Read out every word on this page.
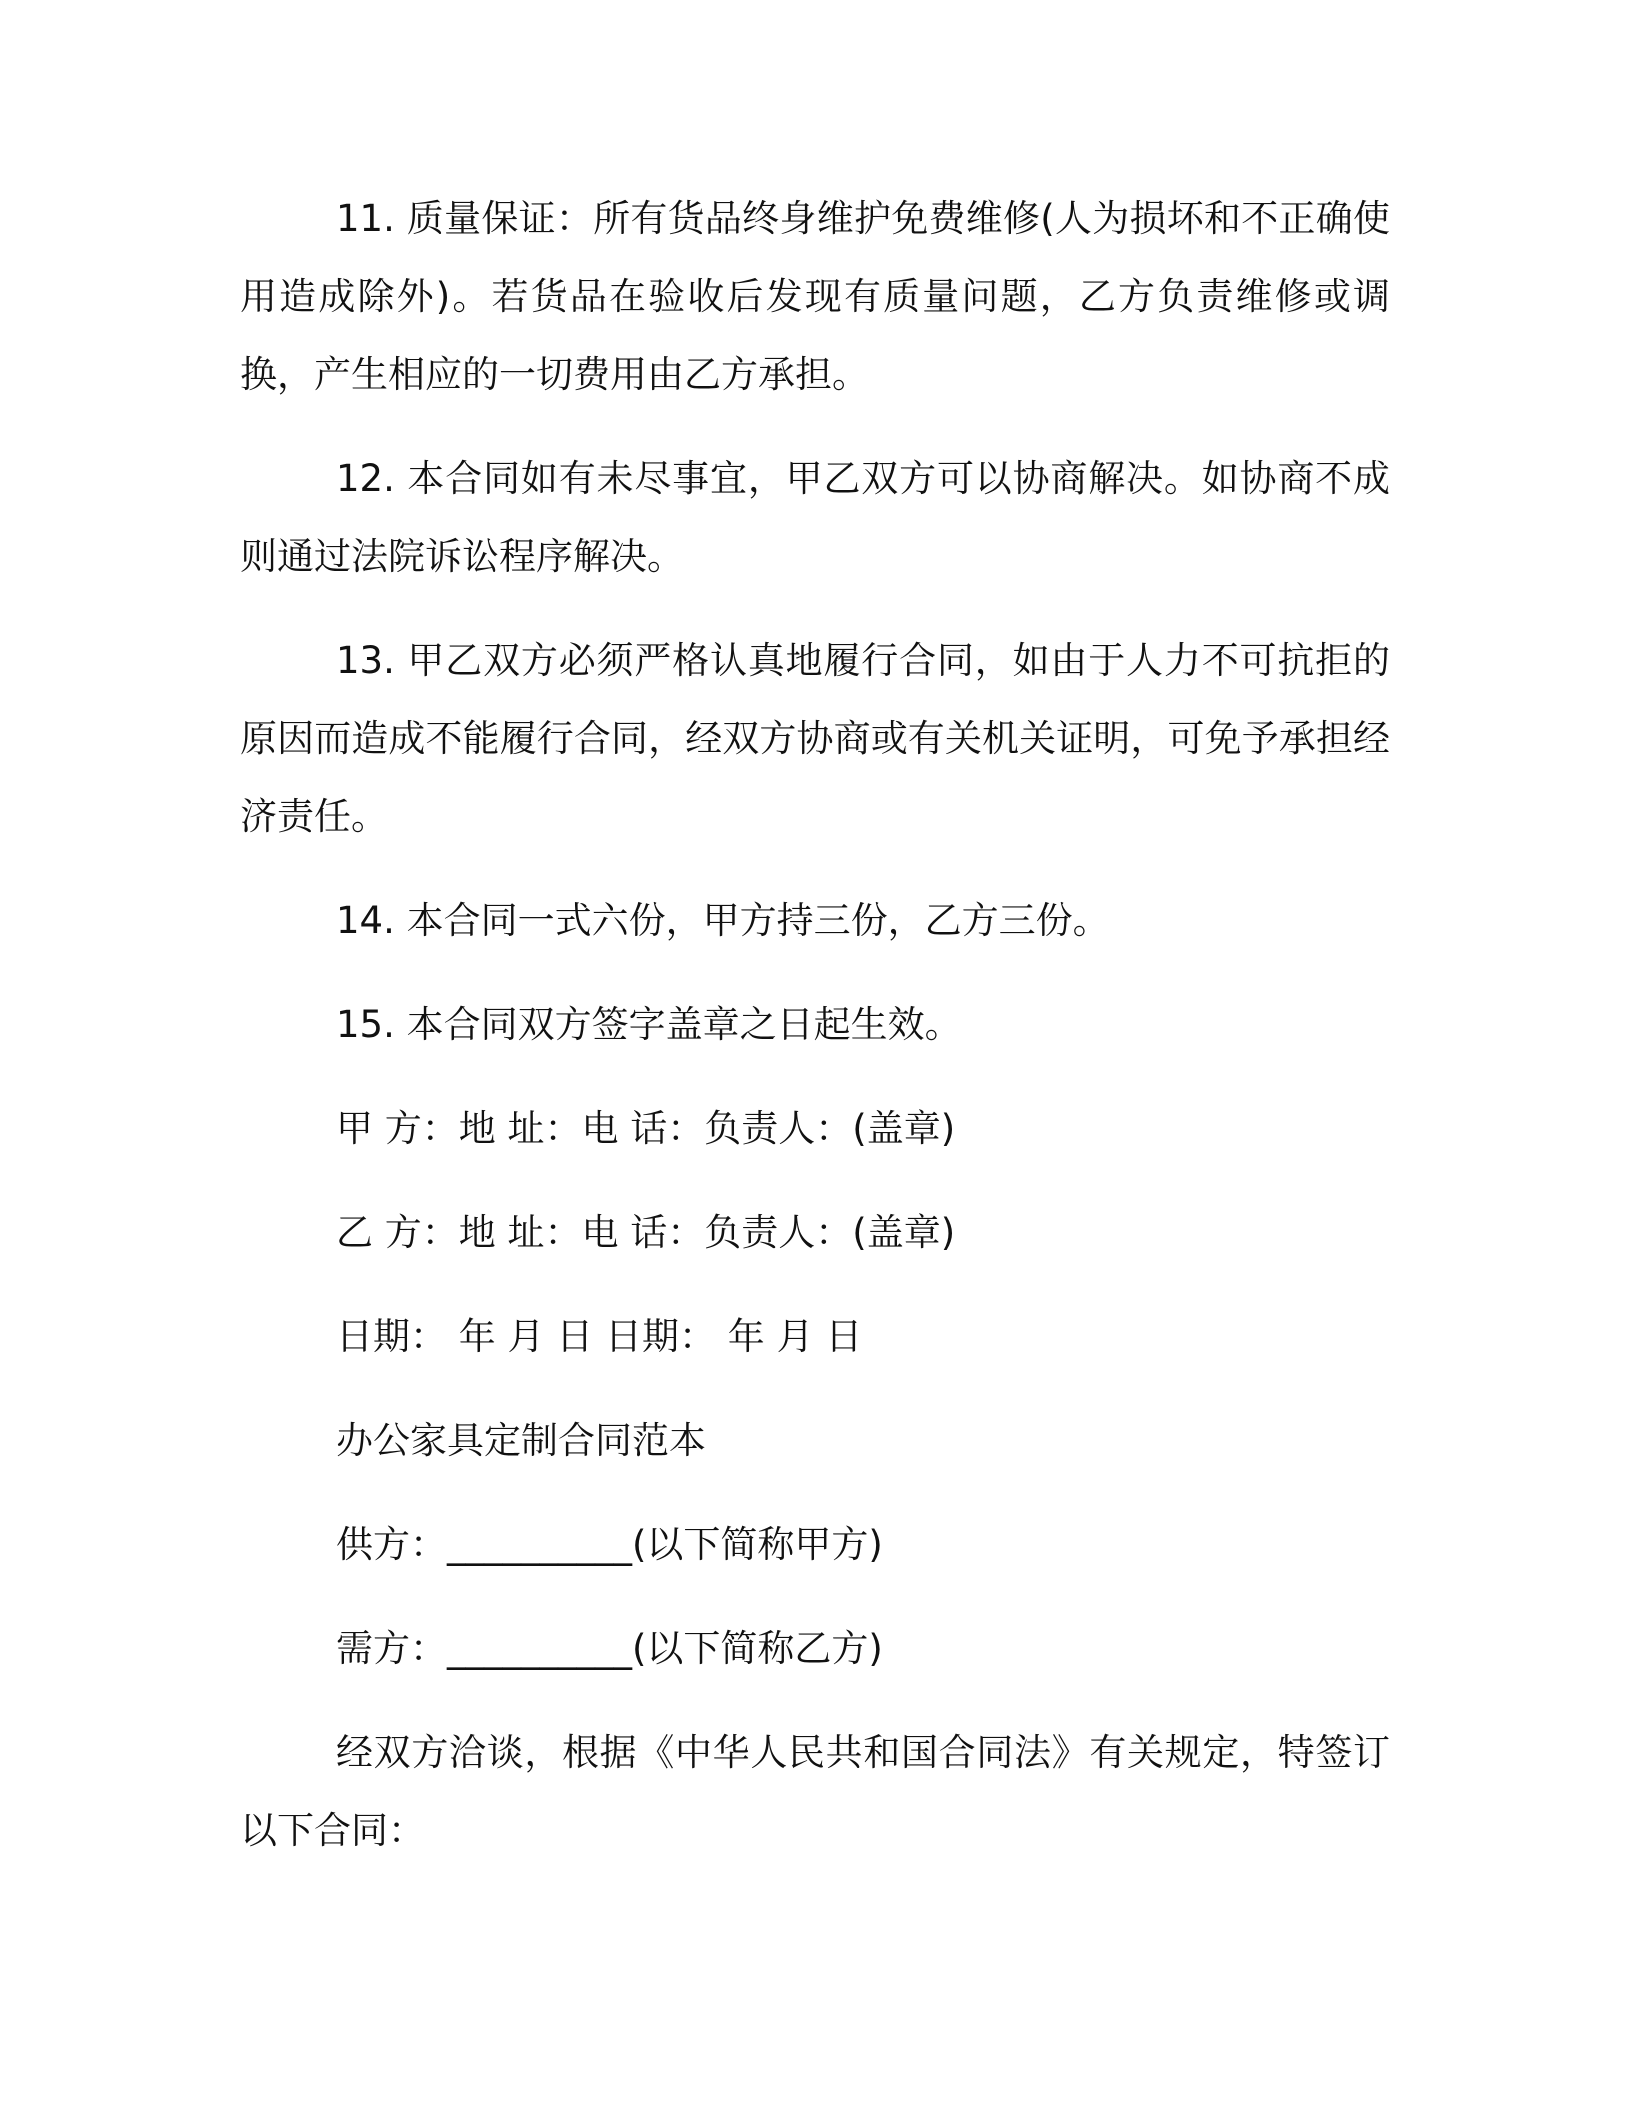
11. 质量保证：所有货品终身维护免费维修(人为损坏和不正确使用造成除外)。若货品在验收后发现有质量问题，乙方负责维修或调换，产生相应的一切费用由乙方承担。

12. 本合同如有未尽事宜，甲乙双方可以协商解决。如协商不成则通过法院诉讼程序解决。

13. 甲乙双方必须严格认真地履行合同，如由于人力不可抗拒的原因而造成不能履行合同，经双方协商或有关机关证明，可免予承担经济责任。

14. 本合同一式六份，甲方持三份，乙方三份。

15. 本合同双方签字盖章之日起生效。

甲 方：地 址：电 话：负责人：(盖章)

乙 方：地 址：电 话：负责人：(盖章)

日期： 年 月 日 日期： 年 月 日

办公家具定制合同范本

供方：__________(以下简称甲方)

需方：__________(以下简称乙方)

经双方洽谈，根据《中华人民共和国合同法》有关规定，特签订以下合同：
